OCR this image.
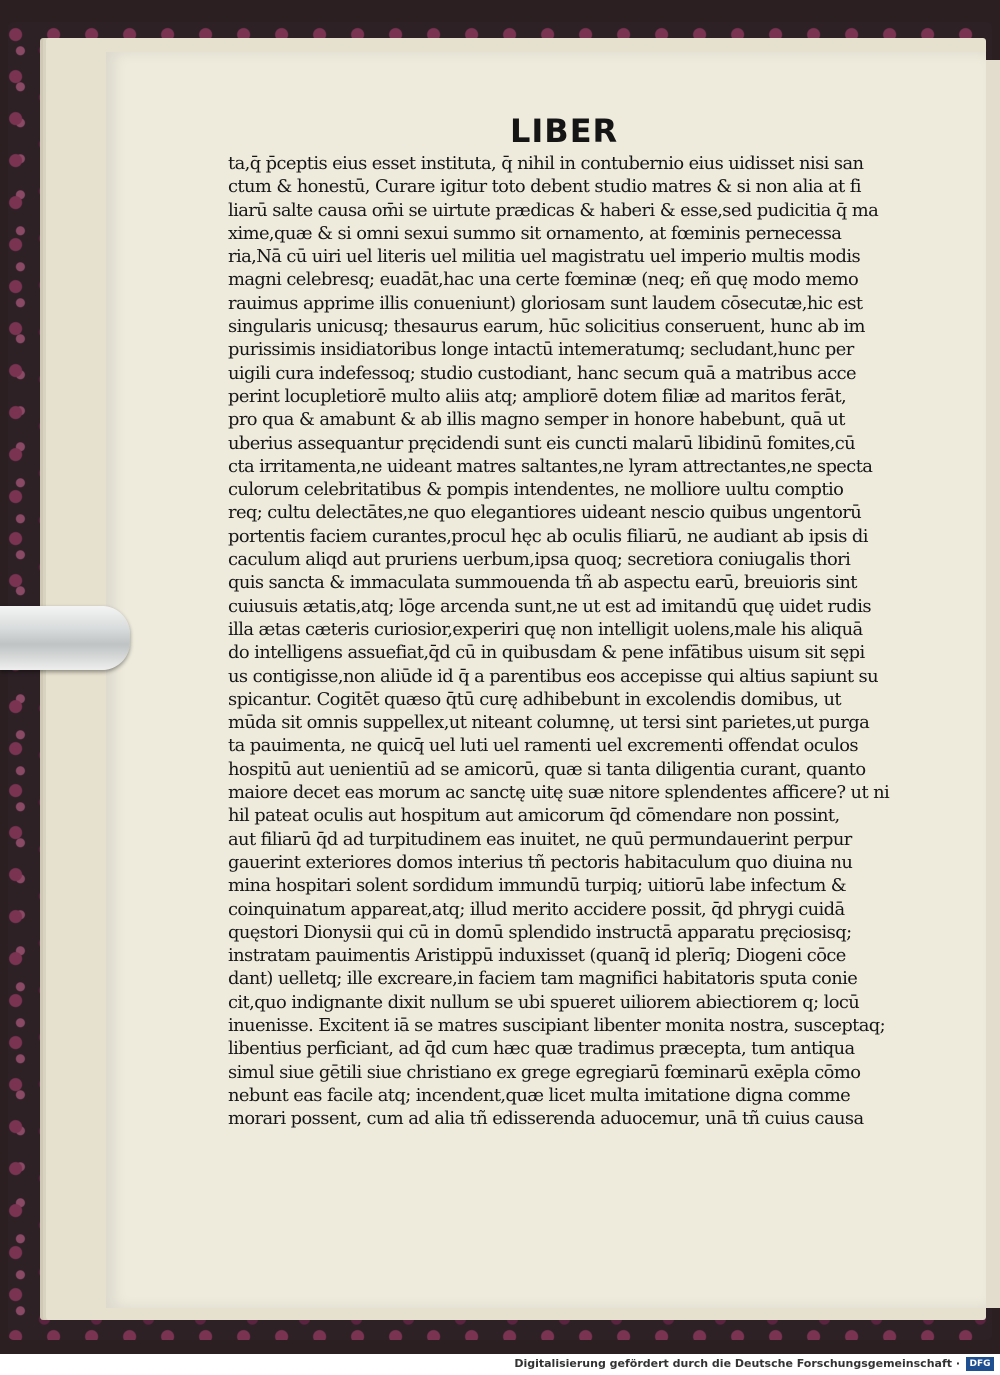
LIBER
ta,q̄ p̄ceptis eius esset instituta, q̄ nihil in contubernio eius uidisset nisi san
ctum & honestū, Curare igitur toto debent studio matres & si non alia at fi
liarū salte causa om̄i se uirtute prædicas & haberi & esse,sed pudicitia q̄ ma
xime,quæ & si omni sexui summo sit ornamento, at fœminis pernecessa
ria,Nā cū uiri uel literis uel militia uel magistratu uel imperio multis modis
magni celebresq; euadāt,hac una certe fœminæ (neq; eñ quę modo memo
rauimus apprime illis conueniunt) gloriosam sunt laudem cōsecutæ,hic est
singularis unicusq; thesaurus earum, hūc solicitius conseruent, hunc ab im
purissimis insidiatoribus longe intactū intemeratumq; secludant,hunc per
uigili cura indefessoq; studio custodiant, hanc secum quā a matribus acce
perint locupletiorē multo aliis atq; ampliorē dotem filiæ ad maritos ferāt,
pro qua & amabunt & ab illis magno semper in honore habebunt, quā ut
uberius assequantur pręcidendi sunt eis cuncti malarū libidinū fomites,cū
cta irritamenta,ne uideant matres saltantes,ne lyram attrectantes,ne specta
culorum celebritatibus & pompis intendentes, ne molliore uultu comptio
req; cultu delectātes,ne quo elegantiores uideant nescio quibus ungentorū
portentis faciem curantes,procul hęc ab oculis filiarū, ne audiant ab ipsis di
caculum aliqd aut pruriens uerbum,ipsa quoq; secretiora coniugalis thori
quis sancta & immaculata summouenda tñ ab aspectu earū, breuioris sint
cuiusuis ætatis,atq; lōge arcenda sunt,ne ut est ad imitandū quę uidet rudis
illa ætas cæteris curiosior,experiri quę non intelligit uolens,male his aliquā
do intelligens assuefiat,q̄d cū in quibusdam & pene infātibus uisum sit sępi
us contigisse,non aliūde id q̄ a parentibus eos accepisse qui altius sapiunt su
spicantur. Cogitēt quæso q̄tū curę adhibebunt in excolendis domibus, ut
mūda sit omnis suppellex,ut niteant columnę, ut tersi sint parietes,ut purga
ta pauimenta, ne quicq̄ uel luti uel ramenti uel excrementi offendat oculos
hospitū aut uenientiū ad se amicorū, quæ si tanta diligentia curant, quanto
maiore decet eas morum ac sanctę uitę suæ nitore splendentes afficere? ut ni
hil pateat oculis aut hospitum aut amicorum q̄d cōmendare non possint,
aut filiarū q̄d ad turpitudinem eas inuitet, ne quū permundauerint perpur
gauerint exteriores domos interius tñ pectoris habitaculum quo diuina nu
mina hospitari solent sordidum immundū turpiq; uitiorū labe infectum &
coinquinatum appareat,atq; illud merito accidere possit, q̄d phrygi cuidā
quęstori Dionysii qui cū in domū splendido instructā apparatu pręciosisq;
instratam pauimentis Aristippū induxisset (quanq̄ id plerīq; Diogeni cōce
dant) uelletq; ille excreare,in faciem tam magnifici habitatoris sputa conie
cit,quo indignante dixit nullum se ubi spueret uiliorem abiectiorem q; locū
inuenisse. Excitent iā se matres suscipiant libenter monita nostra, susceptaq;
libentius perficiant, ad q̄d cum hæc quæ tradimus præcepta, tum antiqua
simul siue gētili siue christiano ex grege egregiarū fœminarū exēpla cōmo
nebunt eas facile atq; incendent,quæ licet multa imitatione digna comme
morari possent, cum ad alia tñ edisserenda aduocemur, unā tñ cuius causa
Digitalisierung gefördert durch die Deutsche Forschungsgemeinschaft ·	DFG
